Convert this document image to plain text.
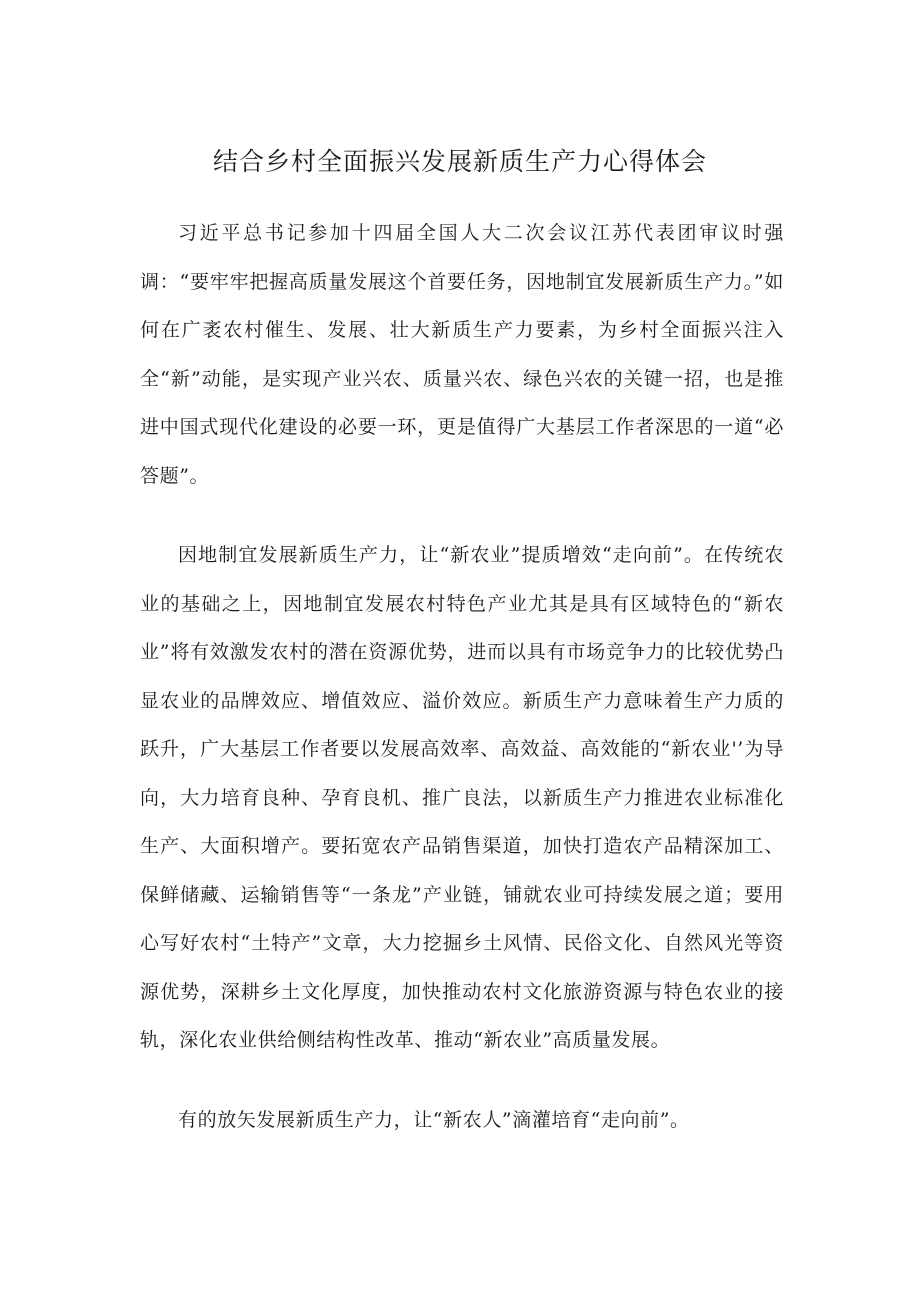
结合乡村全面振兴发展新质生产力心得体会

习近平总书记参加十四届全国人大二次会议江苏代表团审议时强调：“要牢牢把握高质量发展这个首要任务，因地制宜发展新质生产力。”如何在广袤农村催生、发展、壮大新质生产力要素，为乡村全面振兴注入全“新”动能，是实现产业兴农、质量兴农、绿色兴农的关键一招，也是推进中国式现代化建设的必要一环，更是值得广大基层工作者深思的一道“必答题”。

因地制宜发展新质生产力，让“新农业”提质增效“走向前”。在传统农业的基础之上，因地制宜发展农村特色产业尤其是具有区域特色的“新农业”将有效激发农村的潜在资源优势，进而以具有市场竞争力的比较优势凸显农业的品牌效应、增值效应、溢价效应。新质生产力意味着生产力质的跃升，广大基层工作者要以发展高效率、高效益、高效能的“新农业'’为导向，大力培育良种、孕育良机、推广良法，以新质生产力推进农业标准化生产、大面积增产。要拓宽农产品销售渠道，加快打造农产品精深加工、保鲜储藏、运输销售等“一条龙”产业链，铺就农业可持续发展之道；要用心写好农村“土特产”文章，大力挖掘乡土风情、民俗文化、自然风光等资源优势，深耕乡土文化厚度，加快推动农村文化旅游资源与特色农业的接轨，深化农业供给侧结构性改革、推动“新农业”高质量发展。

有的放矢发展新质生产力，让“新农人”滴灌培育“走向前”。
